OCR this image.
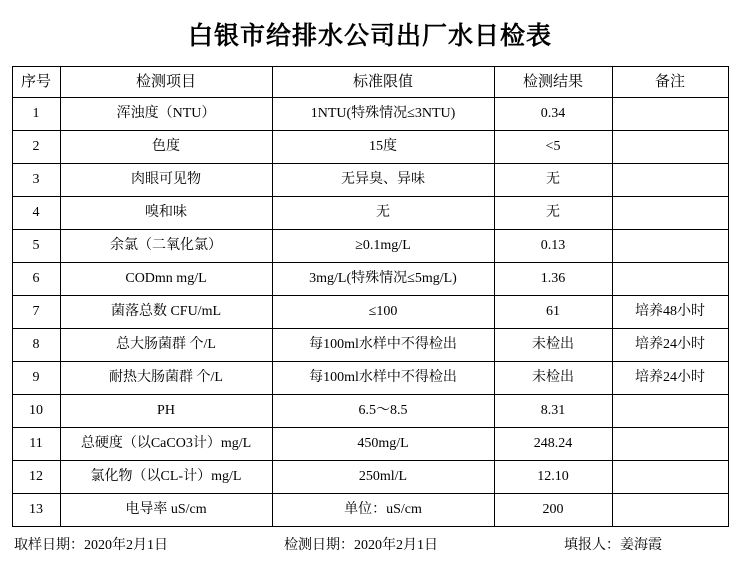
白银市给排水公司出厂水日检表
序号	检测项目	标准限值	检测结果	备注
1	浑浊度（NTU）	1NTU(特殊情况≤3NTU)	0.34	
2	色度	15度	<5	
3	肉眼可见物	无异臭、异味	无	
4	嗅和味	无	无	
5	余氯（二氧化氯）	≥0.1mg/L	0.13	
6	CODmn mg/L	3mg/L(特殊情况≤5mg/L)	1.36	
7	菌落总数 CFU/mL	≤100	61	培养48小时
8	总大肠菌群 个/L	每100ml水样中不得检出	未检出	培养24小时
9	耐热大肠菌群 个/L	每100ml水样中不得检出	未检出	培养24小时
10	PH	6.5～8.5	8.31	
11	总硬度（以CaCO3计）mg/L	450mg/L	248.24	
12	氯化物（以CL-计）mg/L	250ml/L	12.10	
13	电导率 uS/cm	单位：uS/cm	200	
取样日期：2020年2月1日	检测日期：2020年2月1日	填报人：姜海霞
